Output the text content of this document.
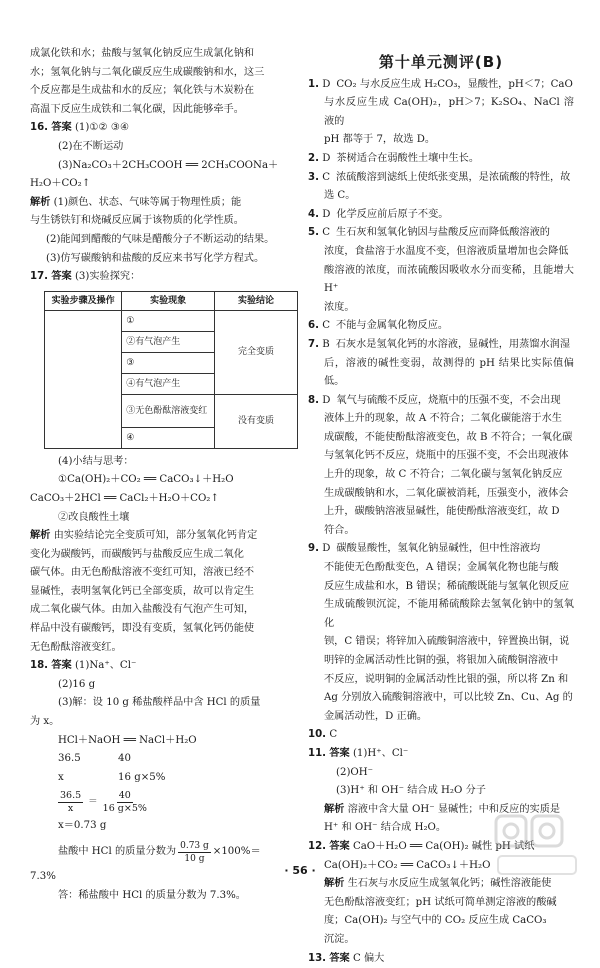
成氯化铁和水；盐酸与氢氧化钠反应生成氯化钠和

水；氢氧化钠与二氧化碳反应生成碳酸钠和水，这三

个反应都是生成盐和水的反应；氧化铁与木炭粉在

高温下反应生成铁和二氧化碳，因此能够牵手。

16. 答案 (1)①② ③④

(2)在不断运动

(3)Na₂CO₃＋2CH₃COOH ══ 2CH₃COONa＋

H₂O＋CO₂↑

解析 (1)颜色、状态、气味等属于物理性质；能

与生锈铁钉和烧碱反应属于该物质的化学性质。

(2)能闻到醋酸的气味是醋酸分子不断运动的结果。

(3)仿写碳酸钠和盐酸的反应来书写化学方程式。

17. 答案 (3)实验探究：

实验步骤及操作	实验现象	实验结论
	①	完全变质
	②有气泡产生	
	③	
	④有气泡产生	
	③无色酚酞溶液变红	没有变质
	④	

(4)小结与思考：

①Ca(OH)₂＋CO₂ ══ CaCO₃↓＋H₂O

CaCO₃＋2HCl ══ CaCl₂＋H₂O＋CO₂↑

②改良酸性土壤

解析 由实验结论完全变质可知，部分氢氧化钙肯定

变化为碳酸钙，而碳酸钙与盐酸反应生成二氧化

碳气体。由无色酚酞溶液不变红可知，溶液已经不

显碱性，表明氢氧化钙已全部变质，故可以肯定生

成二氧化碳气体。由加入盐酸没有气泡产生可知，

样品中没有碳酸钙，即没有变质，氢氧化钙仍能使

无色酚酞溶液变红。

18. 答案 (1)Na⁺、Cl⁻

(2)16 g

(3)解：设 10 g 稀盐酸样品中含 HCl 的质量

为 x。

HCl＋NaOH ══ NaCl＋H₂O

36.5	40

x	16 g×5%

$\frac{36.5}{x} = \frac{40}{16 g\times 5\%}$

x＝0.73 g

盐酸中 HCl 的质量分数为 $\frac{0.73 g}{10 g} \times 100\%=$

7.3%

答：稀盐酸中 HCl 的质量分数为 7.3%。

第十单元测评(B)

1. D CO₂ 与水反应生成 H₂CO₃，显酸性，pH＜7；CaO

与水反应生成 Ca(OH)₂，pH＞7；K₂SO₄、NaCl 溶液的

pH 都等于 7，故选 D。

2. D 茶树适合在弱酸性土壤中生长。

3. C 浓硫酸溶到滤纸上使纸张变黑，是浓硫酸的特性，故

选 C。

4. D 化学反应前后原子不变。

5. C 生石灰和氢氧化钠因与盐酸反应而降低酸溶液的

浓度，食盐溶于水温度不变，但溶液质量增加也会降低

酸溶液的浓度，而浓硫酸因吸收水分而变稀，且能增大 H⁺

浓度。

6. C 不能与金属氧化物反应。

7. B 石灰水是氢氧化钙的水溶液，显碱性，用蒸馏水润湿

后，溶液的碱性变弱，故测得的 pH 结果比实际值偏低。

8. D 氧气与硫酸不反应，烧瓶中的压强不变，不会出现

液体上升的现象，故 A 不符合；二氧化碳能溶于水生

成碳酸，不能使酚酞溶液变色，故 B 不符合；一氧化碳

与氢氧化钙不反应，烧瓶中的压强不变，不会出现液体

上升的现象，故 C 不符合；二氧化碳与氢氧化钠反应

生成碳酸钠和水，二氧化碳被消耗，压强变小，液体会

上升，碳酸钠溶液显碱性，能使酚酞溶液变红，故 D

符合。

9. D 碳酸显酸性，氢氧化钠显碱性，但中性溶液均

不能使无色酚酞变色，A 错误；金属氧化物也能与酸

反应生成盐和水，B 错误；稀硫酸既能与氢氧化钡反应

生成硫酸钡沉淀，不能用稀硫酸除去氢氧化钠中的氢氧化

钡，C 错误；将锌加入硫酸铜溶液中，锌置换出铜，说

明锌的金属活动性比铜的强，将银加入硫酸铜溶液中

不反应，说明铜的金属活动性比银的强，所以将 Zn 和

Ag 分别放入硫酸铜溶液中，可以比较 Zn、Cu、Ag 的

金属活动性，D 正确。

10. C

11. 答案 (1)H⁺、Cl⁻

(2)OH⁻

(3)H⁺ 和 OH⁻ 结合成 H₂O 分子

解析 溶液中含大量 OH⁻ 显碱性；中和反应的实质是

H⁺ 和 OH⁻ 结合成 H₂O。

12. 答案 CaO＋H₂O ══ Ca(OH)₂ 碱性 pH 试纸

Ca(OH)₂＋CO₂ ══ CaCO₃↓＋H₂O

解析 生石灰与水反应生成氢氧化钙；碱性溶液能使

无色酚酞溶液变红；pH 试纸可简单测定溶液的酸碱

度；Ca(OH)₂ 与空气中的 CO₂ 反应生成 CaCO₃

沉淀。

13. 答案 C 偏大

· 56 ·
